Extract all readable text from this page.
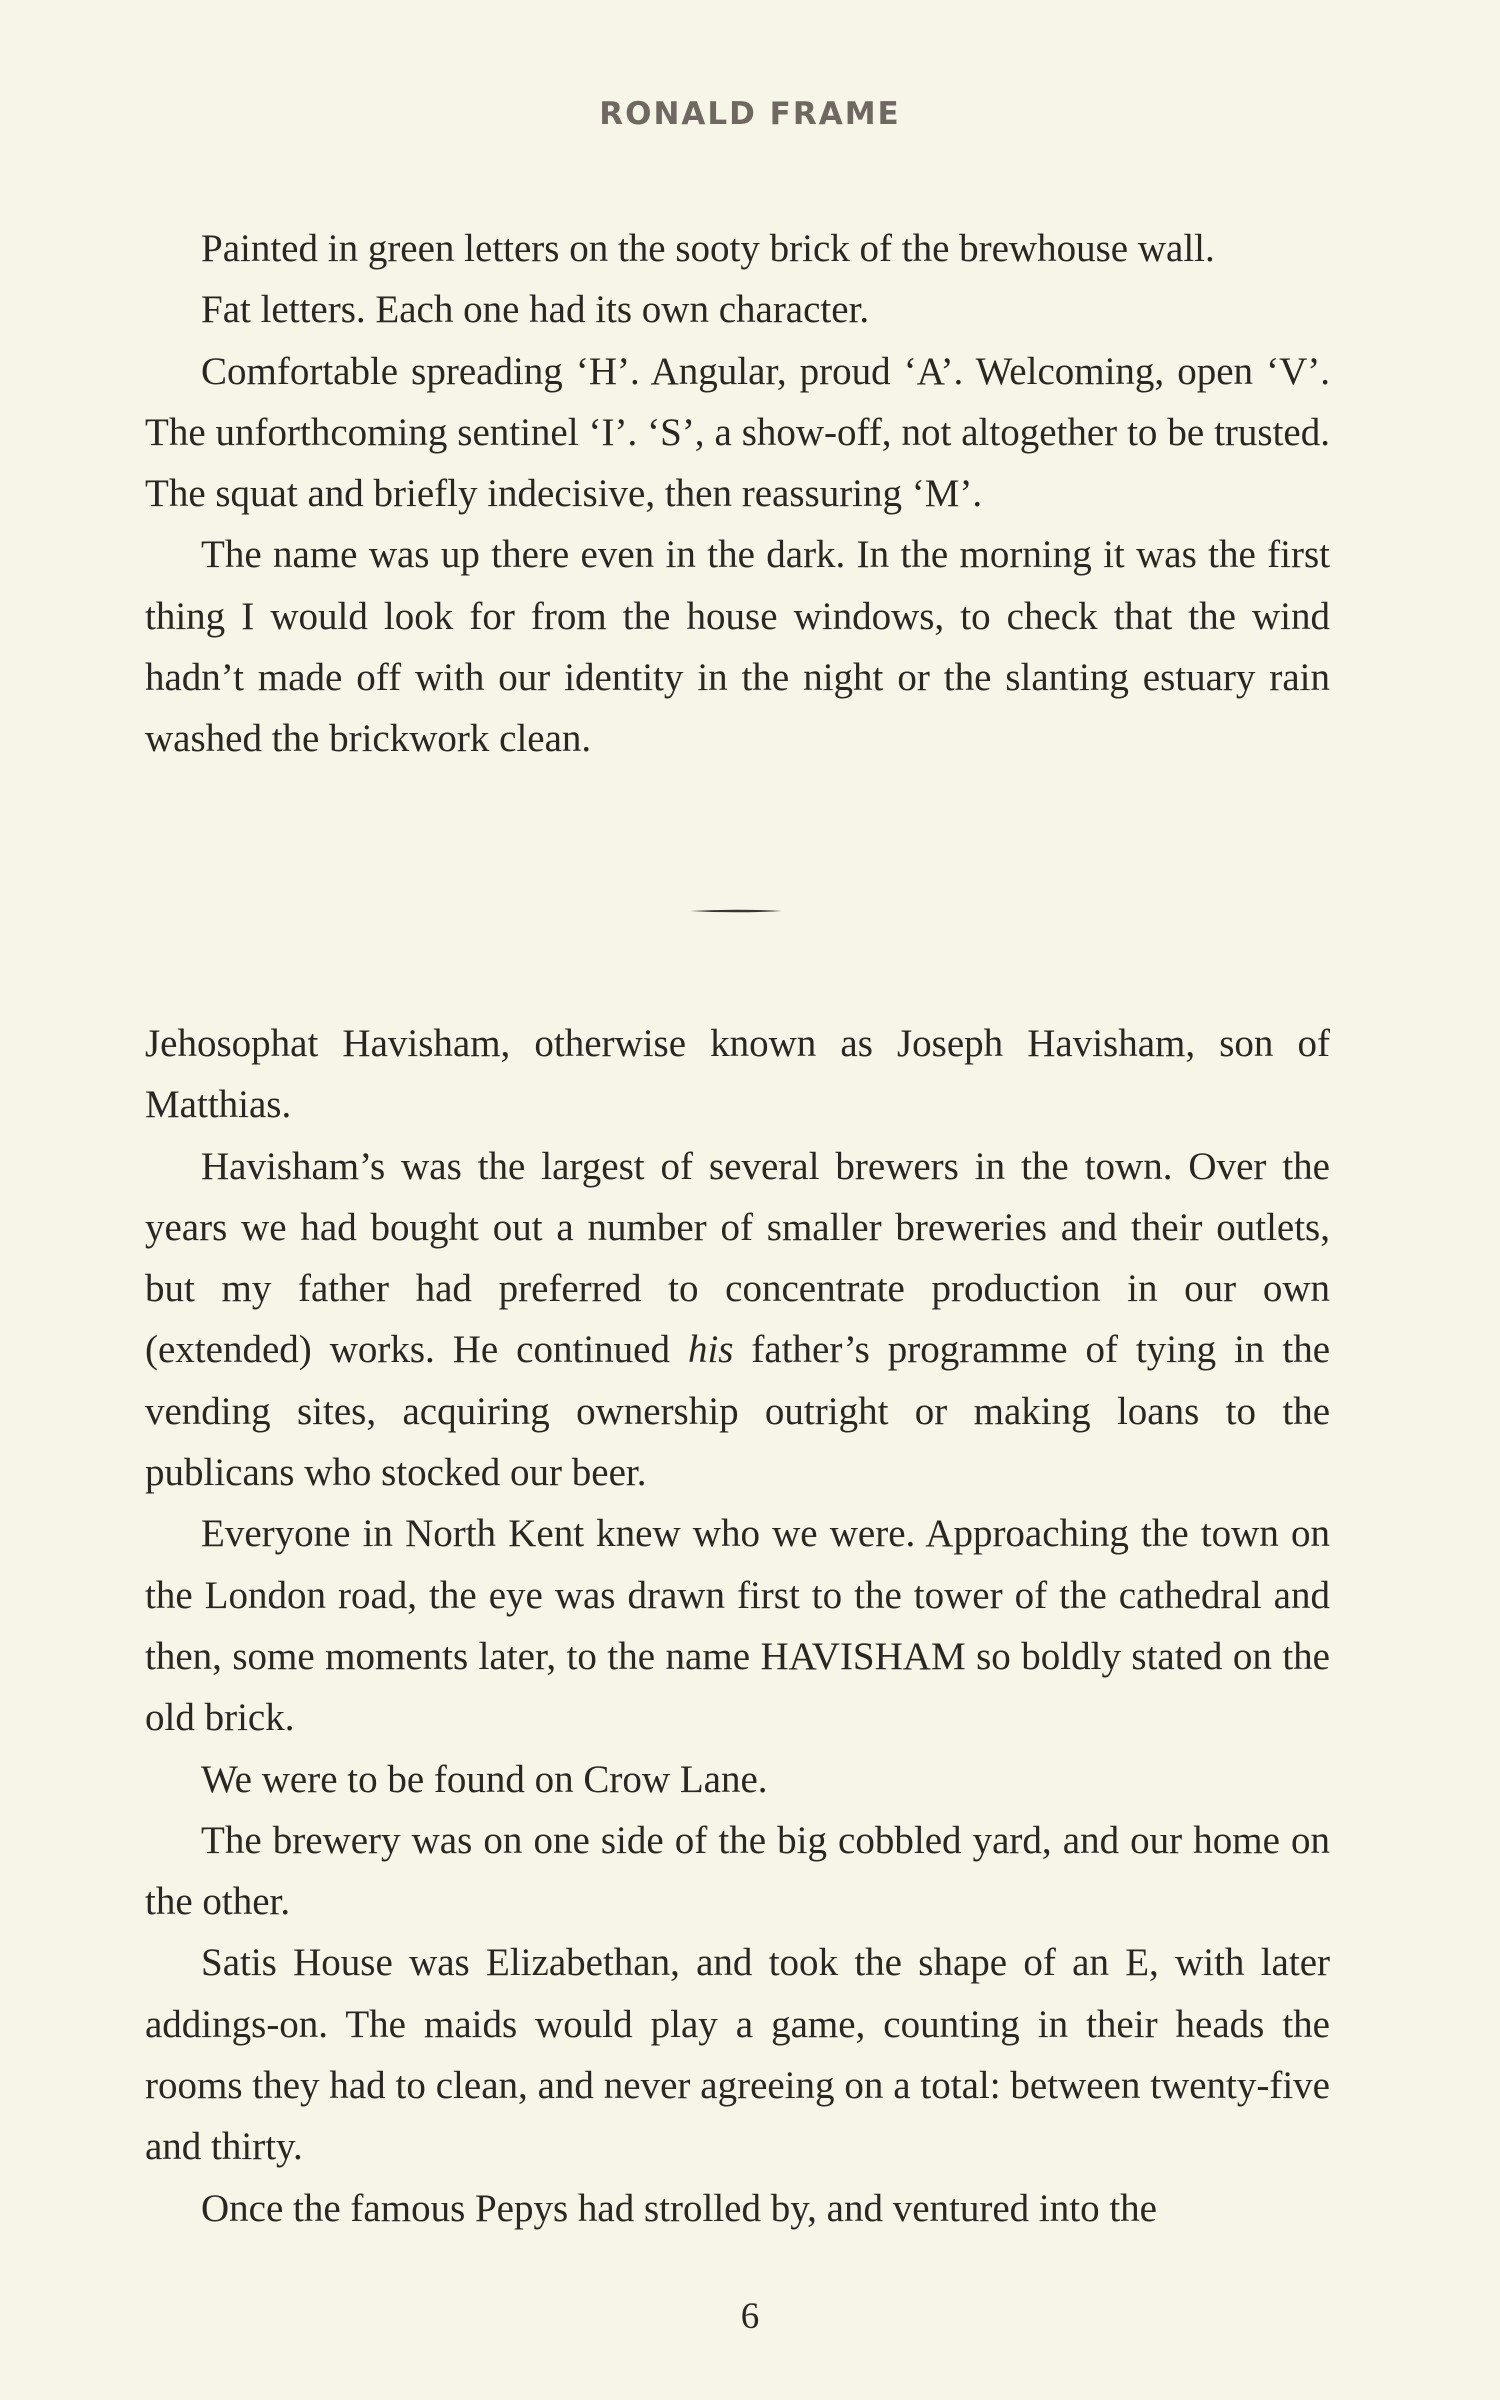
RONALD FRAME

Painted in green letters on the sooty brick of the brewhouse wall.

Fat letters. Each one had its own character.

Comfortable spreading ‘H’. Angular, proud ‘A’. Welcoming, open ‘V’. The unforthcoming sentinel ‘I’. ‘S’, a show-off, not altogether to be trusted. The squat and briefly indecisive, then reassuring ‘M’.

The name was up there even in the dark. In the morning it was the first thing I would look for from the house windows, to check that the wind hadn’t made off with our identity in the night or the slanting estuary rain washed the brickwork clean.

Jehosophat Havisham, otherwise known as Joseph Havisham, son of Matthias.

Havisham’s was the largest of several brewers in the town. Over the years we had bought out a number of smaller breweries and their outlets, but my father had preferred to concentrate production in our own (extended) works. He continued his father’s programme of tying in the vending sites, acquiring ownership outright or making loans to the publicans who stocked our beer.

Everyone in North Kent knew who we were. Approaching the town on the London road, the eye was drawn first to the tower of the cathedral and then, some moments later, to the name HAVISHAM so boldly stated on the old brick.

We were to be found on Crow Lane.

The brewery was on one side of the big cobbled yard, and our home on the other.

Satis House was Elizabethan, and took the shape of an E, with later addings-on. The maids would play a game, counting in their heads the rooms they had to clean, and never agreeing on a total: between twenty-five and thirty.

Once the famous Pepys had strolled by, and ventured into the

6
